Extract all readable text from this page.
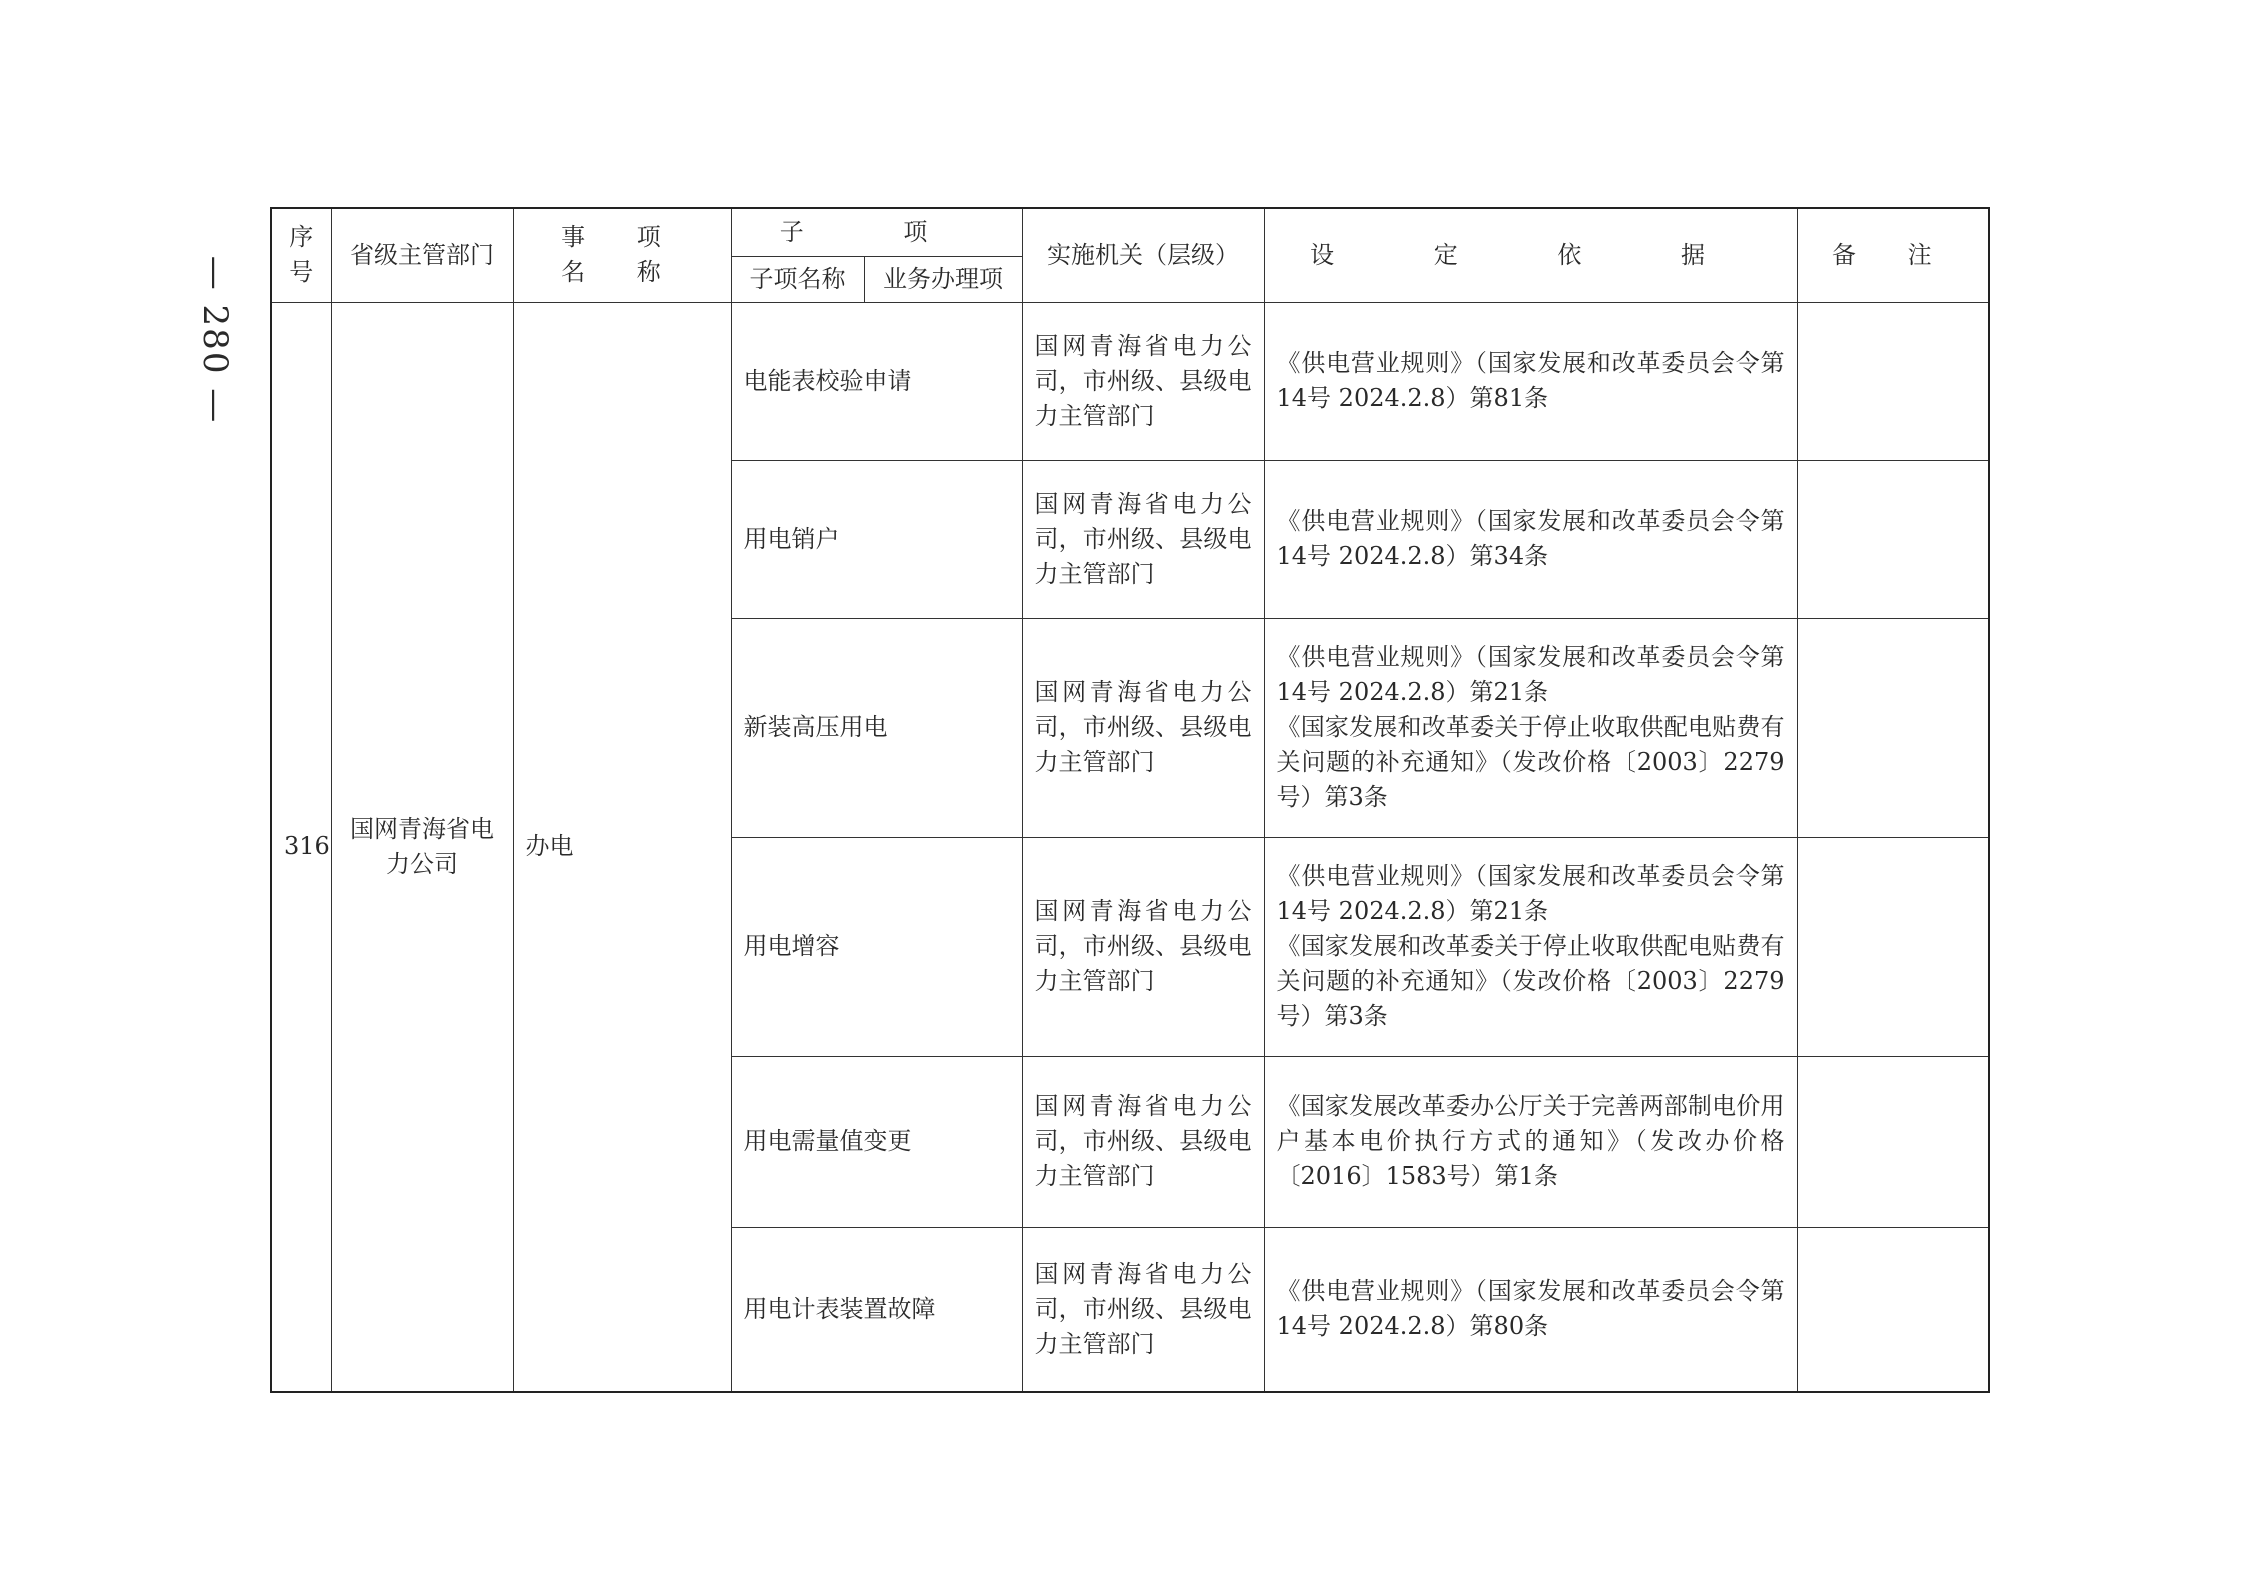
— 280 —
序号	省级主管部门	事 项 名 称	子 项		实施机关（层级）	设 定 依 据	备 注
			子项名称	业务办理项			
316	国网青海省电力公司	办电	电能表校验申请		国网青海省电力公司，市州级、县级电力主管部门	《供电营业规则》（国家发展和改革委员会令第14号 2024.2.8）第81条	

			用电销户		国网青海省电力公司，市州级、县级电力主管部门	《供电营业规则》（国家发展和改革委员会令第14号 2024.2.8）第34条	

			新装高压用电		国网青海省电力公司，市州级、县级电力主管部门	《供电营业规则》（国家发展和改革委员会令第14号 2024.2.8）第21条
《国家发展和改革委关于停止收取供配电贴费有关问题的补充通知》（发改价格〔2003〕2279号）第3条	

			用电增容		国网青海省电力公司，市州级、县级电力主管部门	《供电营业规则》（国家发展和改革委员会令第14号 2024.2.8）第21条
《国家发展和改革委关于停止收取供配电贴费有关问题的补充通知》（发改价格〔2003〕2279号）第3条	

			用电需量值变更		国网青海省电力公司，市州级、县级电力主管部门	《国家发展改革委办公厅关于完善两部制电价用户基本电价执行方式的通知》（发改办价格〔2016〕1583号）第1条	

			用电计表装置故障		国网青海省电力公司，市州级、县级电力主管部门	《供电营业规则》（国家发展和改革委员会令第14号 2024.2.8）第80条	
